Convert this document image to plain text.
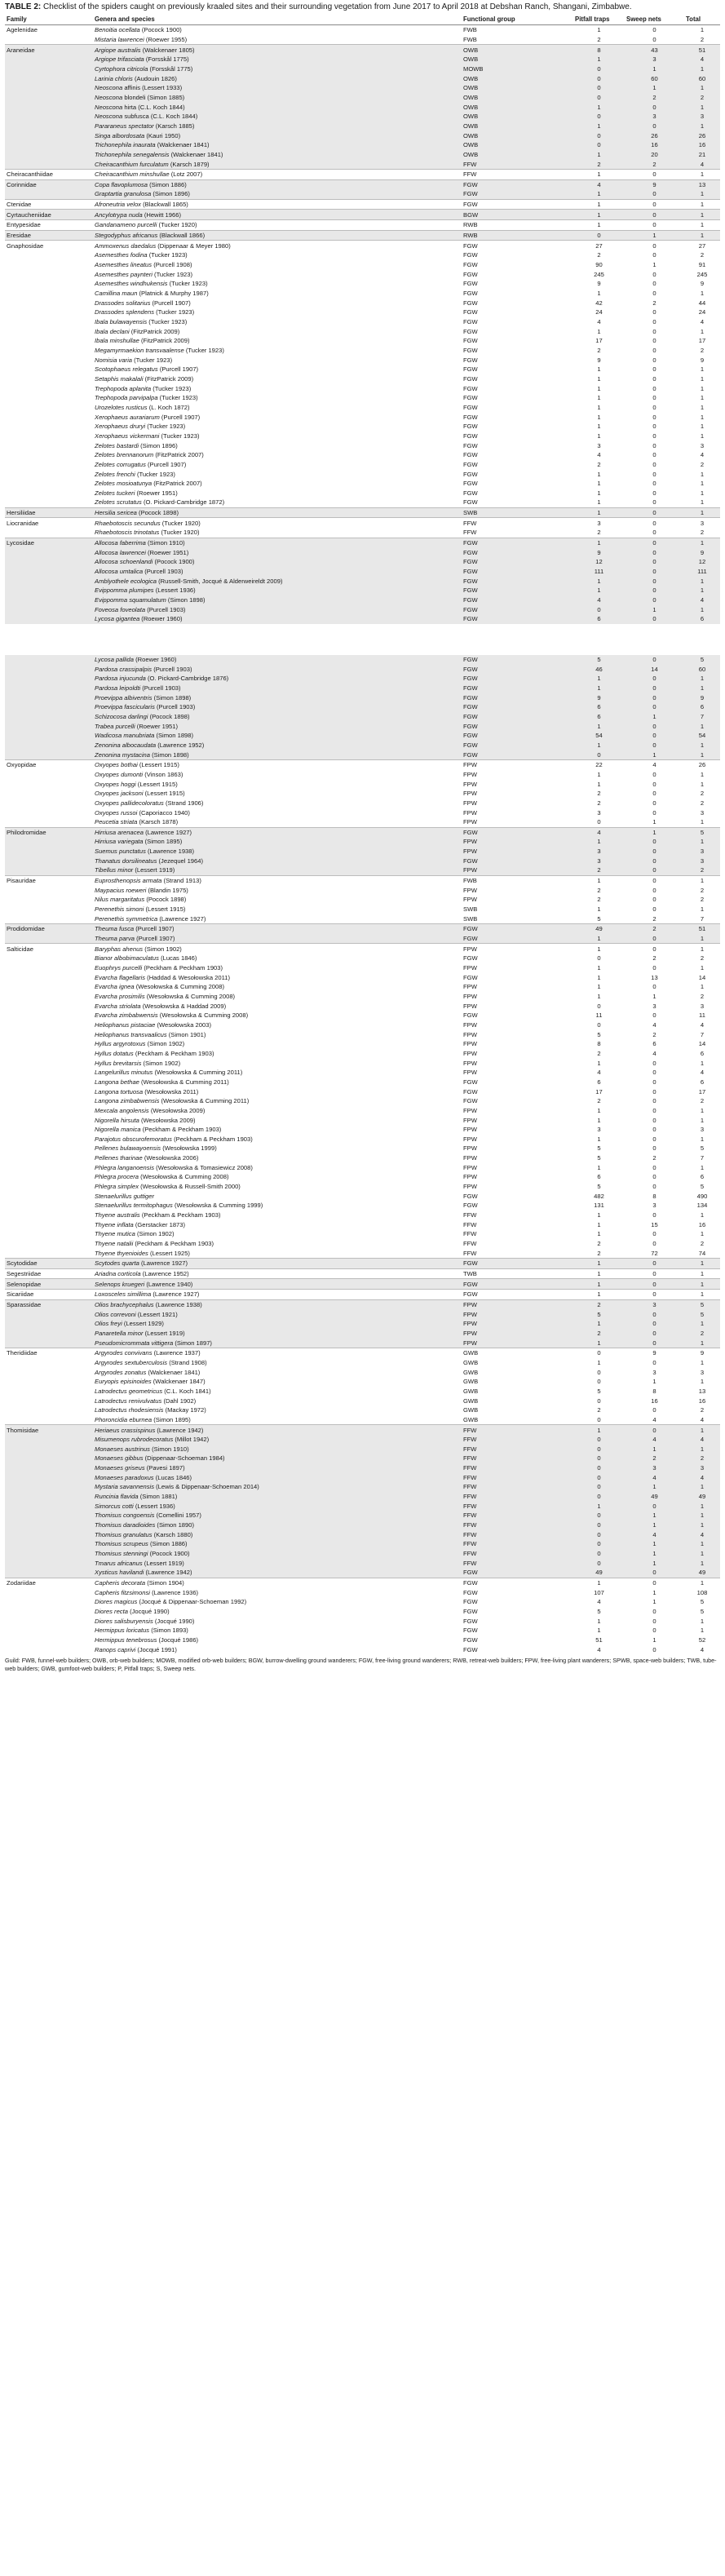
TABLE 2: Checklist of the spiders caught on previously kraaled sites and their surrounding vegetation from June 2017 to April 2018 at Debshan Ranch, Shangani, Zimbabwe.

Family	Genera and species	Functional group	Pitfall traps	Sweep nets	Total
Agelenidae	Benoitia ocellata (Pocock 1900)	FWB	1	0	1
	Mistaria lawrencei (Roewer 1955)	FWB	2	0	2
Araneidae	Argiope australis (Walckenaer 1805)	OWB	8	43	51
	Argiope trifasciata (Forsskål 1775)	OWB	1	3	4
	Cyrtophora citricola (Forsskål 1775)	MOWB	0	1	1
	Larinia chloris (Audouin 1826)	OWB	0	60	60
	Neoscona affinis (Lessert 1933)	OWB	0	1	1
	Neoscona blondeli (Simon 1885)	OWB	0	2	2
	Neoscona hirta (C.L. Koch 1844)	OWB	1	0	1
	Neoscona subfusca (C.L. Koch 1844)	OWB	0	3	3
	Pararaneus spectator (Karsch 1885)	OWB	1	0	1
	Singa albordosata (Kauri 1950)	OWB	0	26	26
	Trichonephila inaurata (Walckenaer 1841)	OWB	0	16	16
	Trichonephila senegalensis (Walckenaer 1841)	OWB	1	20	21
	Cheiracanthium furculatum (Karsch 1879)	FFW	2	2	4
Cheiracanthiidae	Cheiracanthium minshullae (Lotz 2007)	FFW	1	0	1
Corinnidae	Copa flavoplumosa (Simon 1886)	FGW	4	9	13
	Graptartia granulosa (Simon 1896)	FGW	1	0	1
Ctenidae	Afroneutria velox (Blackwall 1865)	FGW	1	0	1
Cyrtaucheniidae	Ancylotrypa nuda (Hewitt 1966)	BGW	1	0	1
Entypesidae	Gandanameno purcelli (Tucker 1920)	RWB	1	0	1
Eresidae	Stegodyphus africanus (Blackwall 1866)	RWB	0	1	1
Gnaphosidae	Ammoxenus daedalus (Dippenaar & Meyer 1980)	FGW	27	0	27
	Asemesthes fodina (Tucker 1923)	FGW	2	0	2
	Asemesthes lineatus (Purcell 1908)	FGW	90	1	91
	Asemesthes paynteri (Tucker 1923)	FGW	245	0	245
	Asemesthes windhukensis (Tucker 1923)	FGW	9	0	9
	Camillina maun (Platnick & Murphy 1987)	FGW	1	0	1
	Drassodes solitarius (Purcell 1907)	FGW	42	2	44
	Drassodes splendens (Tucker 1923)	FGW	24	0	24
	Ibala bulawayensis (Tucker 1923)	FGW	4	0	4
	Ibala declani (FitzPatrick 2009)	FGW	1	0	1
	Ibala minshullae (FitzPatrick 2009)	FGW	17	0	17
	Megamyrmaekion transvaalense (Tucker 1923)	FGW	2	0	2
	Nomisia varia (Tucker 1923)	FGW	9	0	9
	Scotophaeus relegatus (Purcell 1907)	FGW	1	0	1
	Setaphis makalali (FitzPatrick 2009)	FGW	1	0	1
	Trephopoda aplanita (Tucker 1923)	FGW	1	0	1
	Trephopoda parvipalpa (Tucker 1923)	FGW	1	0	1
	Urozelotes rusticus (L. Koch 1872)	FGW	1	0	1
	Xerophaeus aurariarum (Purcell 1907)	FGW	1	0	1
	Xerophaeus druryi (Tucker 1923)	FGW	1	0	1
	Xerophaeus vickermani (Tucker 1923)	FGW	1	0	1
	Zelotes bastardi (Simon 1896)	FGW	3	0	3
	Zelotes brennanorum (FitzPatrick 2007)	FGW	4	0	4
	Zelotes corrugatus (Purcell 1907)	FGW	2	0	2
	Zelotes frenchi (Tucker 1923)	FGW	1	0	1
	Zelotes mosioatunya (FitzPatrick 2007)	FGW	1	0	1
	Zelotes tuckeri (Roewer 1951)	FGW	1	0	1
	Zelotes scrutatus (O. Pickard-Cambridge 1872)	FGW	1	0	1
Hersiliidae	Hersilia sericea (Pocock 1898)	SWB	1	0	1
Liocranidae	Rhaebotoscis secundus (Tucker 1920)	FFW	3	0	3
	Rhaebotoscis trinotatus (Tucker 1920)	FFW	2	0	2
Lycosidae	Allocosa faberrima (Simon 1910)	FGW	1	0	1
	Allocosa lawrencei (Roewer 1951)	FGW	9	0	9
	Allocosa schoenlandi (Pocock 1900)	FGW	12	0	12
	Allocosa umtalica (Purcell 1903)	FGW	111	0	111
	Amblyothele ecologica (Russell-Smith, Jocqué & Alderweireldt 2009)	FGW	1	0	1
	Evippomma plumipes (Lessert 1936)	FGW	1	0	1
	Evippomma squamulatum (Simon 1898)	FGW	4	0	4
	Foveosa foveolata (Purcell 1903)	FGW	0	1	1
	Lycosa gigantea (Roewer 1960)	FGW	6	0	6
	Lycosa pallida (Roewer 1960)	FGW	5	0	5
	Pardosa crassipalpis (Purcell 1903)	FGW	46	14	60
	Pardosa injucunda (O. Pickard-Cambridge 1876)	FGW	1	0	1
	Pardosa leipoldti (Purcell 1903)	FGW	1	0	1
	Proevippa albiventris (Simon 1898)	FGW	9	0	9
	Proevippa fascicularis (Purcell 1903)	FGW	6	0	6
	Schizocosa darlingi (Pocock 1898)	FGW	6	1	7
	Trabea purcelli (Roewer 1951)	FGW	1	0	1
	Wadicosa manubriata (Simon 1898)	FGW	54	0	54
	Zenonina albocaudata (Lawrence 1952)	FGW	1	0	1
	Zenonina mystacina (Simon 1898)	FGW	0	1	1
Oxyopidae	Oxyopes bothai (Lessert 1915)	FPW	22	4	26
	Oxyopes dumonti (Vinson 1863)	FPW	1	0	1
	Oxyopes hoggi (Lessert 1915)	FPW	1	0	1
	Oxyopes jacksoni (Lessert 1915)	FPW	2	0	2
	Oxyopes pallidecoloratus (Strand 1906)	FPW	2	0	2
	Oxyopes russoi (Caporiacco 1940)	FPW	3	0	3
	Peucetia striata (Karsch 1878)	FPW	0	1	1
Philodromidae	Hirriusa arenacea (Lawrence 1927)	FGW	4	1	5
	Hirriusa variegata (Simon 1895)	FPW	1	0	1
	Suemus punctatus (Lawrence 1938)	FPW	3	0	3
	Thanatus dorsilineatus (Jezequel 1964)	FGW	3	0	3
	Tibellus minor (Lessert 1919)	FPW	2	0	2
Pisauridae	Euprosthenopsis armata (Strand 1913)	FWB	1	0	1
	Maypacius roeweri (Blandin 1975)	FPW	2	0	2
	Nilus margaritatus (Pocock 1898)	FPW	2	0	2
	Perenethis simoni (Lessert 1915)	SWB	1	0	1
	Perenethis symmetrica (Lawrence 1927)	SWB	5	2	7
Prodidomidae	Theuma fusca (Purcell 1907)	FGW	49	2	51
	Theuma parva (Purcell 1907)	FGW	1	0	1
Salticidae	Baryphas ahenus (Simon 1902)	FPW	1	0	1
	Bianor albobimaculatus (Lucas 1846)	FGW	0	2	2
	Euophrys purcelli (Peckham & Peckham 1903)	FPW	1	0	1
	Evarcha flagellaris (Haddad & Wesołowska 2011)	FGW	1	13	14
	Evarcha ignea (Wesołowska & Cumming 2008)	FPW	1	0	1
	Evarcha prosimilis (Wesołowska & Cumming 2008)	FPW	1	1	2
	Evarcha striolata (Wesołowska & Haddad 2009)	FPW	0	3	3
	Evarcha zimbabwensis (Wesołowska & Cumming 2008)	FGW	11	0	11
	Heliophanus pistaciae (Wesołowska 2003)	FPW	0	4	4
	Heliophanus transvaalicus (Simon 1901)	FPW	5	2	7
	Hyllus argyrotoxus (Simon 1902)	FPW	8	6	14
	Hyllus dotatus (Peckham & Peckham 1903)	FPW	2	4	6
	Hyllus brevitarsis (Simon 1902)	FPW	1	0	1
	Langelurillus minutus (Wesołowska & Cumming 2011)	FPW	4	0	4
	Langona bethae (Wesołowska & Cumming 2011)	FGW	6	0	6
	Langona tortuosa (Wesołowska 2011)	FGW	17	0	17
	Langona zimbabwensis (Wesołowska & Cumming 2011)	FGW	2	0	2
	Mexcala angolensis (Wesołowska 2009)	FPW	1	0	1
	Nigorella hirsuta (Wesołowska 2009)	FPW	1	0	1
	Nigorella manica (Peckham & Peckham 1903)	FPW	3	0	3
	Parajotus obscurofemoratus (Peckham & Peckham 1903)	FPW	1	0	1
	Pellenes bulawayoensis (Wesołowska 1999)	FPW	5	0	5
	Pellenes tharinae (Wesołowska 2006)	FPW	5	2	7
	Phlegra langanoensis (Wesołowska & Tomasiewicz 2008)	FPW	1	0	1
	Phlegra procera (Wesołowska & Cumming 2008)	FPW	6	0	6
	Phlegra simplex (Wesołowska & Russell-Smith 2000)	FPW	5	0	5
	Stenaelurillus guttiger	FGW	482	8	490
	Stenaelurillus termitophagus (Wesołowska & Cumming 1999)	FGW	131	3	134
	Thyene australis (Peckham & Peckham 1903)	FFW	1	0	1
	Thyene inflata (Gerstacker 1873)	FFW	1	15	16
	Thyene mutica (Simon 1902)	FFW	1	0	1
	Thyene natalii (Peckham & Peckham 1903)	FFW	2	0	2
	Thyene thyenioides (Lessert 1925)	FFW	2	72	74
Scytodidae	Scytodes quarta (Lawrence 1927)	FGW	1	0	1
Segestriidae	Ariadna corticola (Lawrence 1952)	TWB	1	0	1
Selenopidae	Selenops kruegeri (Lawrence 1940)	FGW	1	0	1
Sicariidae	Loxosceles simillima (Lawrence 1927)	FGW	1	0	1
Sparassidae	Olios brachycephalus (Lawrence 1938)	FPW	2	3	5
	Olios correvoni (Lessert 1921)	FPW	5	0	5
	Olios freyi (Lessert 1929)	FPW	1	0	1
	Panaretella minor (Lessert 1919)	FPW	2	0	2
	Pseudomicrommata vittigera (Simon 1897)	FPW	1	0	1
Theridiidae	Argyrodes convivans (Lawrence 1937)	GWB	0	9	9
	Argyrodes sextuberculosis (Strand 1908)	GWB	1	0	1
	Argyrodes zonatus (Walckenaer 1841)	GWB	0	3	3
	Euryopis episinoides (Walckenaer 1847)	GWB	0	1	1
	Latrodectus geometricus (C.L. Koch 1841)	GWB	5	8	13
	Latrodectus renivulvatus (Dahl 1902)	GWB	0	16	16
	Latrodectus rhodesiensis (Mackay 1972)	GWB	2	0	2
	Phoroncidia eburnea (Simon 1895)	GWB	0	4	4
Thomisidae	Heriaeus crassispinus (Lawrence 1942)	FFW	1	0	1
	Misumenops rubrodecoratus (Millot 1942)	FFW	0	4	4
	Monaeses austrinus (Simon 1910)	FFW	0	1	1
	Monaeses gibbus (Dippenaar-Schoeman 1984)	FFW	0	2	2
	Monaeses griseus (Pavesi 1897)	FFW	0	3	3
	Monaeses paradoxus (Lucas 1846)	FFW	0	4	4
	Mystaria savannensis (Lewis & Dippenaar-Schoeman 2014)	FFW	0	1	1
	Runcinia flavida (Simon 1881)	FFW	0	49	49
	Simorcus cotti (Lessert 1936)	FFW	1	0	1
	Thomisus congoensis (Comellini 1957)	FFW	0	1	1
	Thomisus daradioides (Simon 1890)	FFW	0	1	1
	Thomisus granulatus (Karsch 1880)	FFW	0	4	4
	Thomisus scrupeus (Simon 1886)	FFW	0	1	1
	Thomisus stenningi (Pocock 1900)	FFW	0	1	1
	Tmarus africanus (Lessert 1919)	FFW	0	1	1
	Xysticus havilandi (Lawrence 1942)	FGW	49	0	49
Zodariidae	Capheris decorata (Simon 1904)	FGW	1	0	1
	Capheris fitzsimonsi (Lawrence 1936)	FGW	107	1	108
	Diores magicus (Jocqué & Dippenaar-Schoeman 1992)	FGW	4	1	5
	Diores recta (Jocqué 1990)	FGW	5	0	5
	Diores salisburyensis (Jocqué 1990)	FGW	1	0	1
	Hermippus loricatus (Simon 1893)	FGW	1	0	1
	Hermippus tenebrosus (Jocqué 1986)	FGW	51	1	52
	Ranops caprivi (Jocqué 1991)	FGW	4	0	4

Guild: FWB, funnel-web builders; OWB, orb-web builders; MOWB, modified orb-web builders; BGW, burrow-dwelling ground wanderers; FGW, free-living ground wanderers; RWB, retreat-web builders; FPW, free-living plant wanderers; SPWB, space-web builders; TWB, tube-web builders; GWB, gumfoot-web builders; P, Pitfall traps; S, Sweep nets.
